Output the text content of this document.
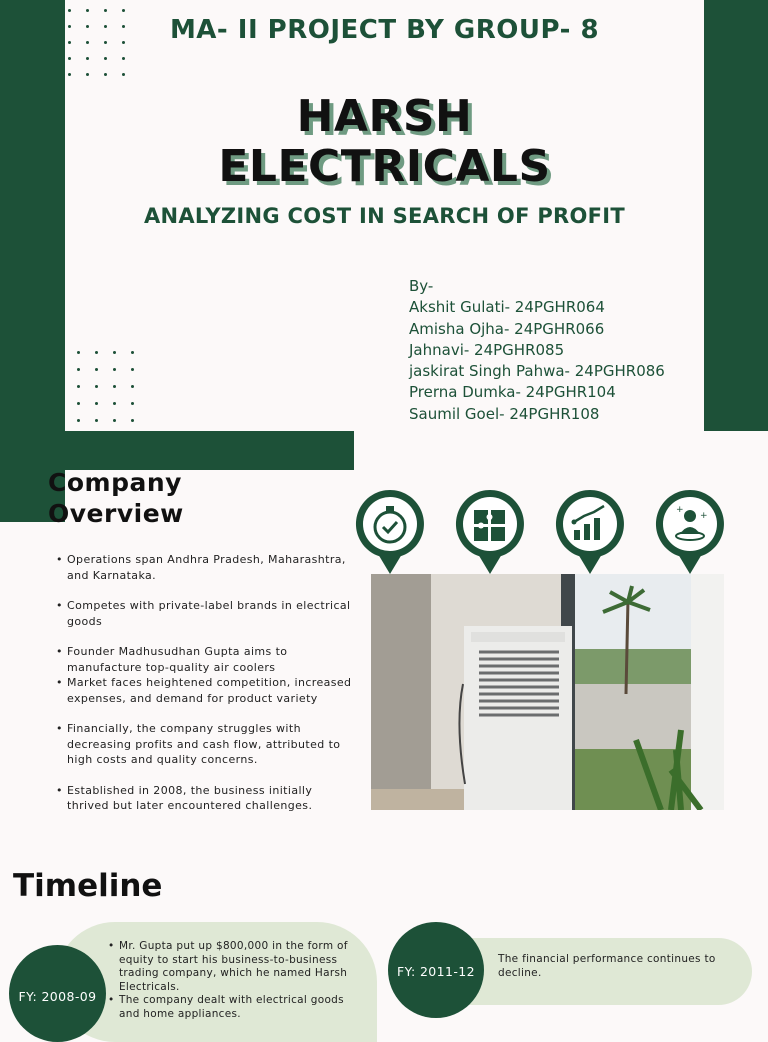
MA- II PROJECT BY GROUP- 8
HARSH
ELECTRICALS
ANALYZING COST IN SEARCH OF PROFIT
By-
Akshit Gulati- 24PGHR064
Amisha Ojha- 24PGHR066
Jahnavi- 24PGHR085
jaskirat Singh Pahwa- 24PGHR086
Prerna Dumka- 24PGHR104
Saumil Goel- 24PGHR108
Company
Overview
• Operations span Andhra Pradesh, Maharashtra, and Karnataka.
• Competes with private-label brands in electrical goods
• Founder Madhusudhan Gupta aims to manufacture top-quality air coolers
• Market faces heightened competition, increased expenses, and demand for product variety
• Financially, the company struggles with decreasing profits and cash flow, attributed to high costs and quality concerns.
• Established in 2008, the business initially thrived but later encountered challenges.
+
+
Timeline
FY: 2008-09
• Mr. Gupta put up $800,000 in the form of equity to start his business-to-business trading company, which he named Harsh Electricals.
• The company dealt with electrical goods and home appliances.
FY: 2011-12
The financial performance continues to decline.
